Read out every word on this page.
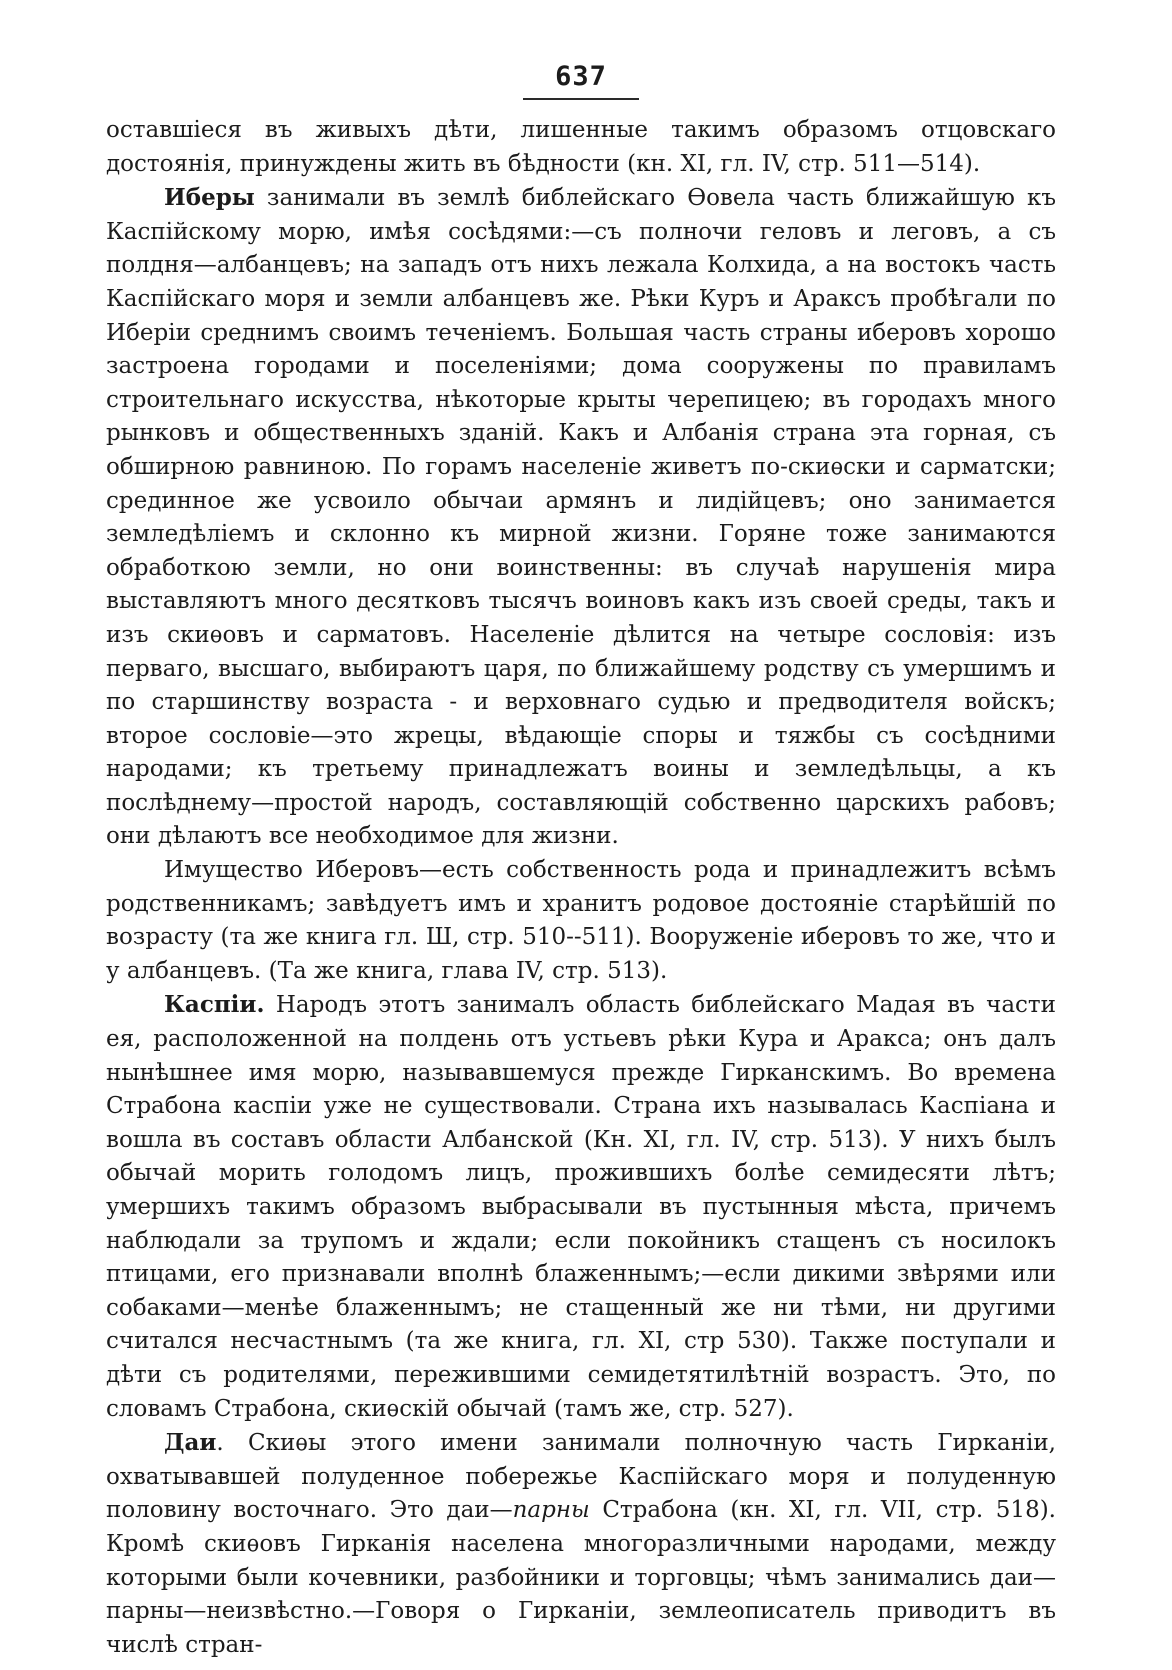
637

оставшіеся въ живыхъ дѣти, лишенные такимъ образомъ отцовскаго достоянія, принуждены жить въ бѣдности (кн. XI, гл. IV, стр. 511—514).

Иберы занимали въ землѣ библейскаго Ѳовела часть ближайшую къ Каспійскому морю, имѣя сосѣдями:—съ полночи геловъ и леговъ, а съ полдня—албанцевъ; на западъ отъ нихъ лежала Колхида, а на востокъ часть Каспійскаго моря и земли албанцевъ же. Рѣки Куръ и Араксъ пробѣгали по Иберіи среднимъ своимъ теченіемъ. Большая часть страны иберовъ хорошо застроена городами и поселеніями; дома сооружены по правиламъ строительнаго искусства, нѣкоторые крыты черепицею; въ городахъ много рынковъ и общественныхъ зданій. Какъ и Албанія страна эта горная, съ обширною равниною. По горамъ населеніе живетъ по-скиѳски и сарматски; срединное же усвоило обычаи армянъ и лидійцевъ; оно занимается земледѣліемъ и склонно къ мирной жизни. Горяне тоже занимаются обработкою земли, но они воинственны: въ случаѣ нарушенія мира выставляютъ много десятковъ тысячъ воиновъ какъ изъ своей среды, такъ и изъ скиѳовъ и сарматовъ. Населеніе дѣлится на четыре сословія: изъ перваго, высшаго, выбираютъ царя, по ближайшему родству съ умершимъ и по старшинству возраста - и верховнаго судью и предводителя войскъ; второе сословіе—это жрецы, вѣдающіе споры и тяжбы съ сосѣдними народами; къ третьему принадлежатъ воины и земледѣльцы, а къ послѣднему—простой народъ, составляющій собственно царскихъ рабовъ; они дѣлаютъ все необходимое для жизни.

Имущество Иберовъ—есть собственность рода и принадлежитъ всѣмъ родственникамъ; завѣдуетъ имъ и хранитъ родовое достояніе старѣйшій по возрасту (та же книга гл. Ш, стр. 510--511). Вооруженіе иберовъ то же, что и у албанцевъ. (Та же книга, глава IV, стр. 513).

Каспіи. Народъ этотъ занималъ область библейскаго Мадая въ части ея, расположенной на полдень отъ устьевъ рѣки Кура и Аракса; онъ далъ нынѣшнее имя морю, называвшемуся прежде Гирканскимъ. Во времена Страбона каспіи уже не существовали. Страна ихъ называлась Каспіана и вошла въ составъ области Албанской (Кн. XI, гл. IV, стр. 513). У нихъ былъ обычай морить голодомъ лицъ, прожившихъ болѣе семидесяти лѣтъ; умершихъ такимъ образомъ выбрасывали въ пустынныя мѣста, причемъ наблюдали за трупомъ и ждали; если покойникъ стащенъ съ носилокъ птицами, его признавали вполнѣ блаженнымъ;—если дикими звѣрями или собаками—менѣе блаженнымъ; не стащенный же ни тѣми, ни другими считался несчастнымъ (та же книга, гл. XI, стр 530). Также поступали и дѣти съ родителями, пережившими семидетятилѣтній возрастъ. Это, по словамъ Страбона, скиѳскій обычай (тамъ же, стр. 527).

Даи. Скиѳы этого имени занимали полночную часть Гирканіи, охватывавшей полуденное побережье Каспійскаго моря и полуденную половину восточнаго. Это даи—парны Страбона (кн. XI, гл. VII, стр. 518). Кромѣ скиѳовъ Гирканія населена многоразличными народами, между которыми были кочевники, разбойники и торговцы; чѣмъ занимались даи—парны—неизвѣстно.—Говоря о Гирканіи, землеописатель приводитъ въ числѣ стран-
